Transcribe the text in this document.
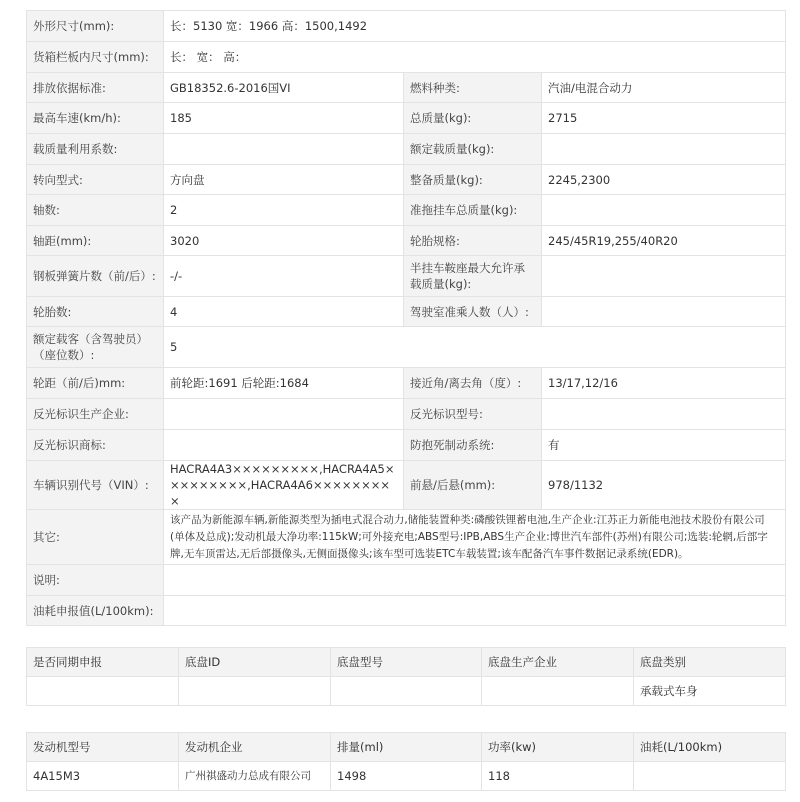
外形尺寸(mm):	长：5130 宽：1966 高：1500,1492		
货箱栏板内尺寸(mm):	长： 宽： 高：		
排放依据标准:	GB18352.6-2016国VI	燃料种类:	汽油/电混合动力
最高车速(km/h):	185	总质量(kg):	2715
载质量利用系数:		额定载质量(kg):	
转向型式:	方向盘	整备质量(kg):	2245,2300
轴数:	2	准拖挂车总质量(kg):	
轴距(mm):	3020	轮胎规格:	245/45R19,255/40R20
钢板弹簧片数（前/后）:	-/-	半挂车鞍座最大允许承载质量(kg):	
轮胎数:	4	驾驶室准乘人数（人）:	
额定载客（含驾驶员）（座位数）:	5		
轮距（前/后)mm:	前轮距:1691 后轮距:1684	接近角/离去角（度）:	13/17,12/16
反光标识生产企业:		反光标识型号:	
反光标识商标:		防抱死制动系统:	有
车辆识别代号（VIN）:	HACRA4A3×××××××××,HACRA4A5×××××××××,HACRA4A6×××××××××	前悬/后悬(mm):	978/1132
其它:	该产品为新能源车辆,新能源类型为插电式混合动力,储能装置种类:磷酸铁锂蓄电池,生产企业:江苏正力新能电池技术股份有限公司(单体及总成);发动机最大净功率:115kW;可外接充电;ABS型号:IPB,ABS生产企业:博世汽车部件(苏州)有限公司;选装:轮辋,后部字牌,无车顶雷达,无后部摄像头,无侧面摄像头;该车型可选装ETC车载装置;该车配备汽车事件数据记录系统(EDR)。		
说明:			
油耗申报值(L/100km):			
是否同期申报	底盘ID	底盘型号	底盘生产企业	底盘类别
				承载式车身
发动机型号	发动机企业	排量(ml)	功率(kw)	油耗(L/100km)
4A15M3	广州祺盛动力总成有限公司	1498	118	
